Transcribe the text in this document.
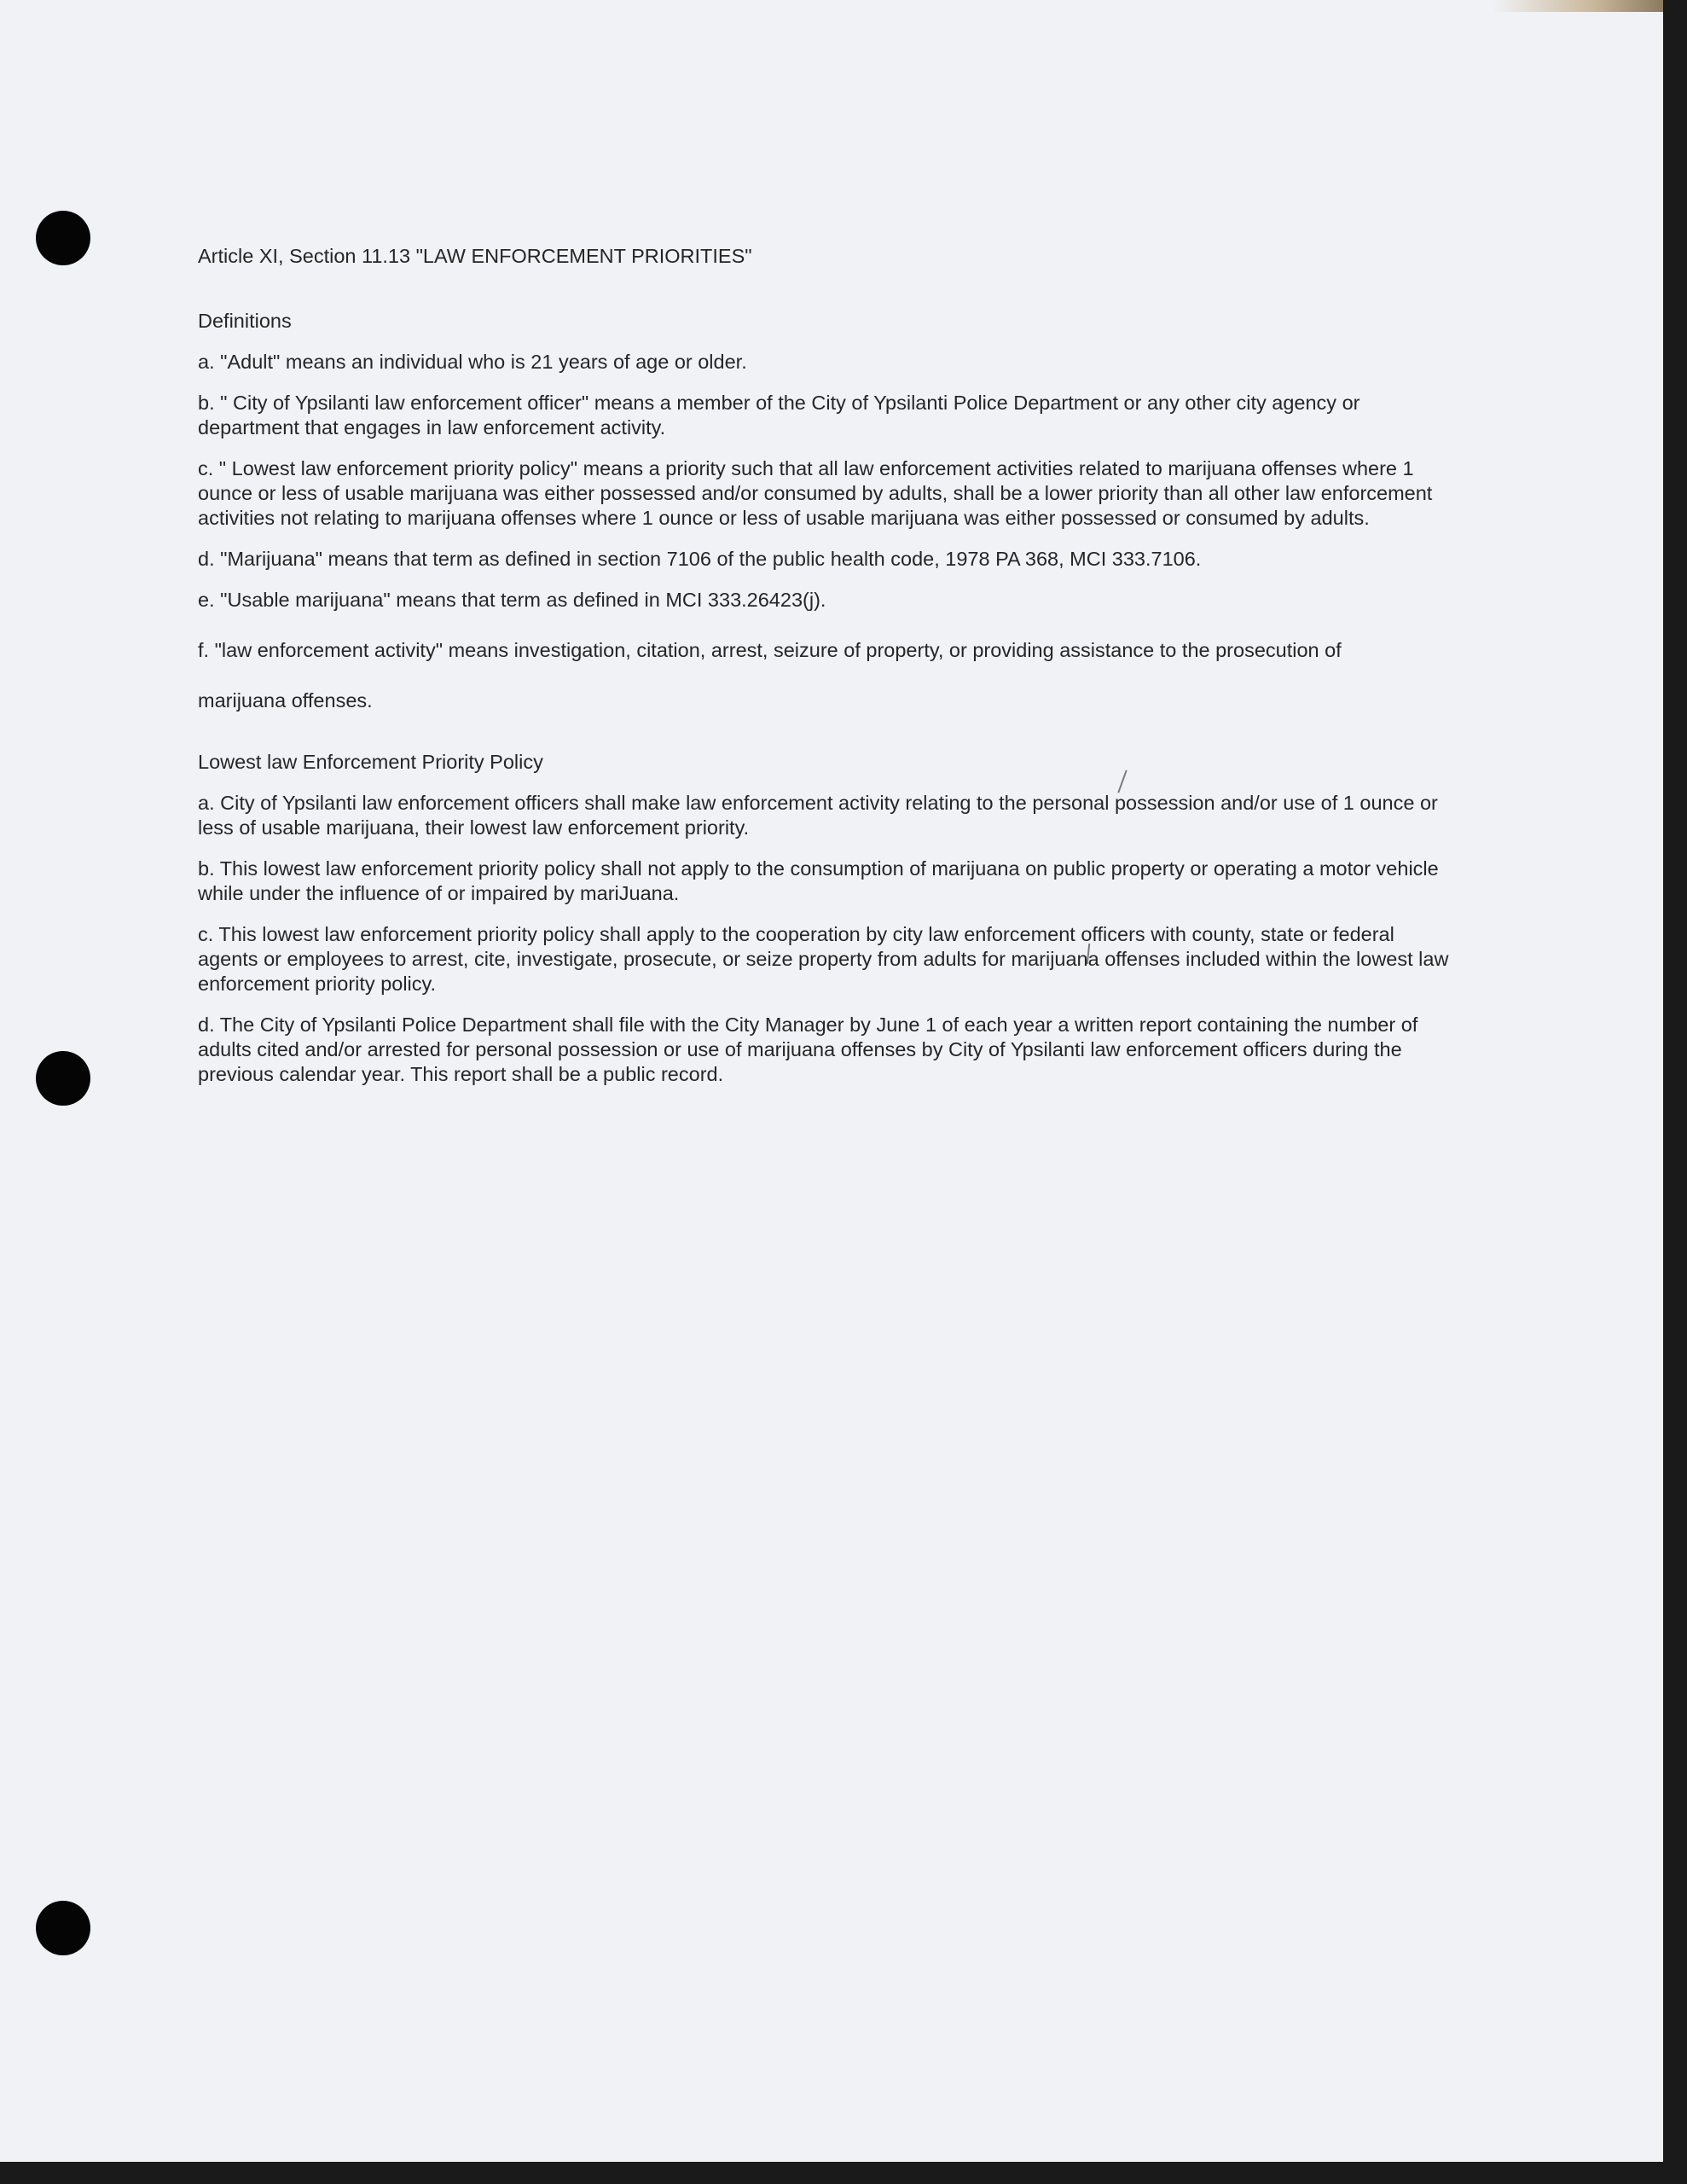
Article XI, Section 11.13 "LAW ENFORCEMENT PRIORITIES"
Definitions
a. "Adult" means an individual who is 21 years of age or older.
b. " City of Ypsilanti law enforcement officer" means a member of the City of Ypsilanti Police Department or any other city agency or department that engages in law enforcement activity.
c. " Lowest law enforcement priority policy" means a priority such that all law enforcement activities related to marijuana offenses where 1 ounce or less of usable marijuana was either possessed and/or consumed by adults, shall be a lower priority than all other law enforcement activities not relating to marijuana offenses where 1 ounce or less of usable marijuana was either possessed or consumed by adults.
d. "Marijuana" means that term as defined in section 7106 of the public health code, 1978 PA 368, MCI 333.7106.
e. "Usable marijuana" means that term as defined in MCI 333.26423(j).
f. "law enforcement activity" means investigation, citation, arrest, seizure of property, or providing assistance to the prosecution of
marijuana offenses.
Lowest law Enforcement Priority Policy
a. City of Ypsilanti law enforcement officers shall make law enforcement activity relating to the personal possession and/or use of 1 ounce or less of usable marijuana, their lowest law enforcement priority.
b. This lowest law enforcement priority policy shall not apply to the consumption of marijuana on public property or operating a motor vehicle while under the influence of or impaired by mariJuana.
c. This lowest law enforcement priority policy shall apply to the cooperation by city law enforcement officers with county, state or federal agents or employees to arrest, cite, investigate, prosecute, or seize property from adults for marijuana offenses included within the lowest law enforcement priority policy.
d. The City of Ypsilanti Police Department shall file with the City Manager by June 1 of each year a written report containing the number of adults cited and/or arrested for personal possession or use of marijuana offenses by City of Ypsilanti law enforcement officers during the previous calendar year. This report shall be a public record.
